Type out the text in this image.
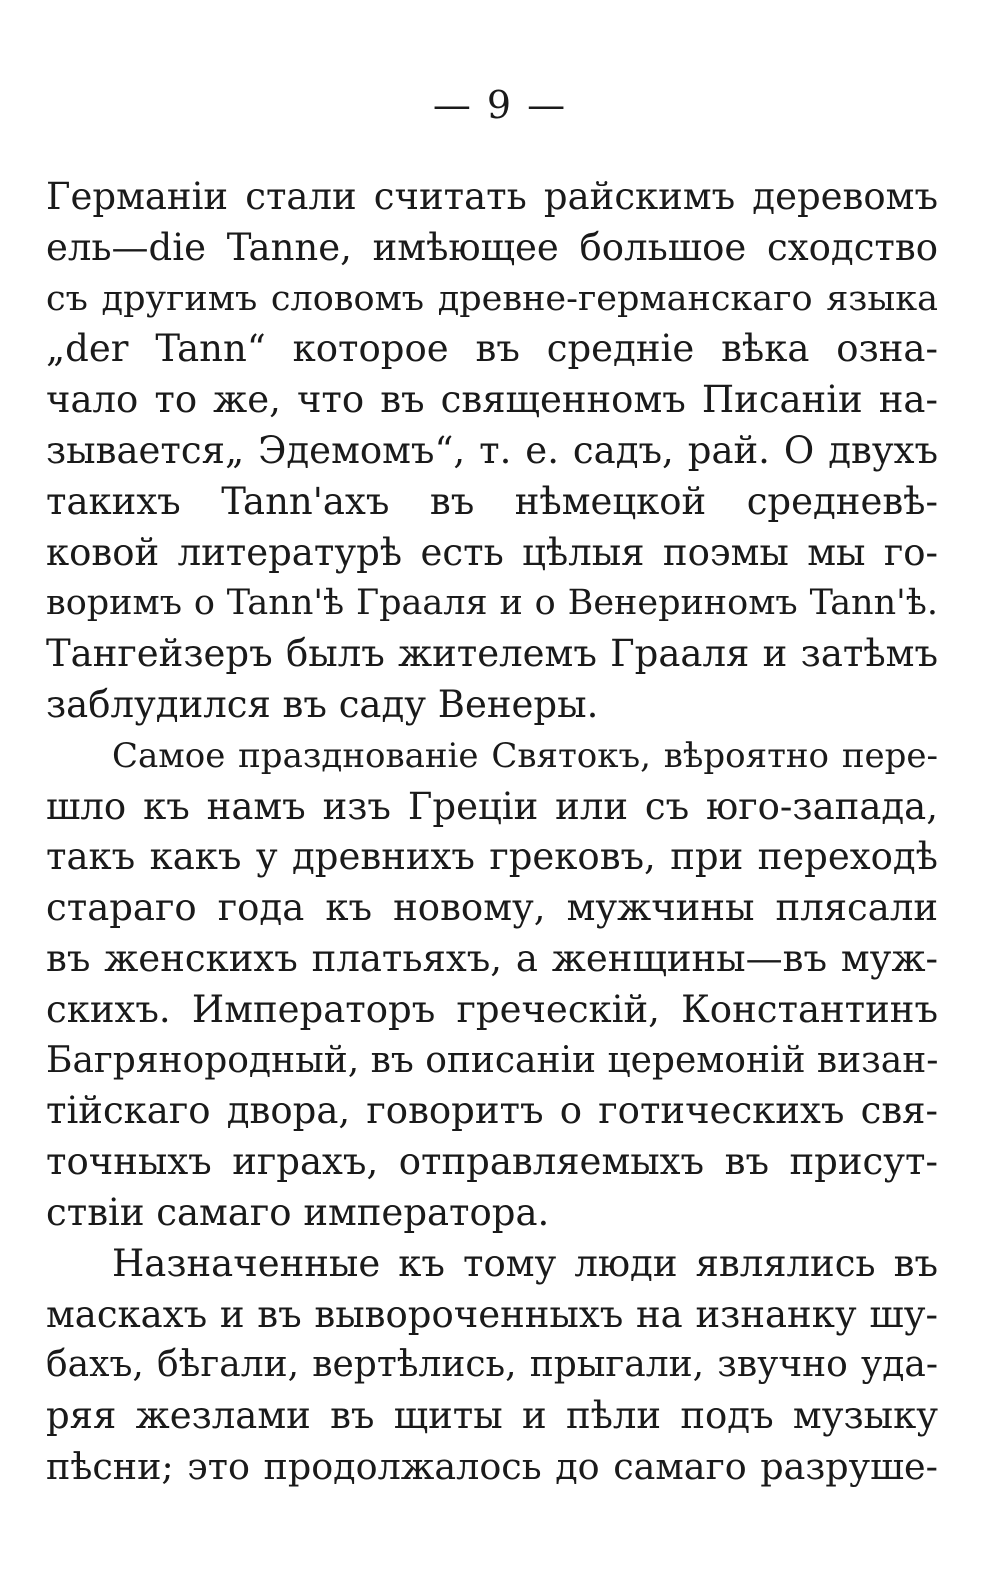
— 9 —
Германіи стали считать райскимъ деревомъ
ель—die Tanne, имѣющее большое сходство
съ другимъ словомъ древне-германскаго языка
„der Tann“ которое въ среднiе вѣка озна-
чало то же, что въ священномъ Писанiи на-
зывается„ Эдемомъ“, т. е. садъ, рай. О двухъ
такихъ Tann'ахъ въ нѣмецкой средневѣ-
ковой литературѣ есть цѣлыя поэмы мы го-
воримъ о Tann'ѣ Грааля и о Венериномъ Tann'ѣ.
Тангейзеръ былъ жителемъ Грааля и затѣмъ
заблудился въ саду Венеры.
Самое празднованiе Святокъ, вѣроятно пере-
шло къ намъ изъ Грецiи или съ юго-запада,
такъ какъ у древнихъ грековъ, при переходѣ
стараго года къ новому, мужчины плясали
въ женскихъ платьяхъ, а женщины—въ муж-
скихъ. Императоръ греческiй, Константинъ
Багрянородный, въ описанiи церемонiй визан-
тiйскаго двора, говоритъ о готическихъ свя-
точныхъ играхъ, отправляемыхъ въ присут-
ствiи самаго императора.
Назначенные къ тому люди являлись въ
маскахъ и въ вывороченныхъ на изнанку шу-
бахъ, бѣгали, вертѣлись, прыгали, звучно уда-
ряя жезлами въ щиты и пѣли подъ музыку
пѣсни; это продолжалось до самаго разруше-
